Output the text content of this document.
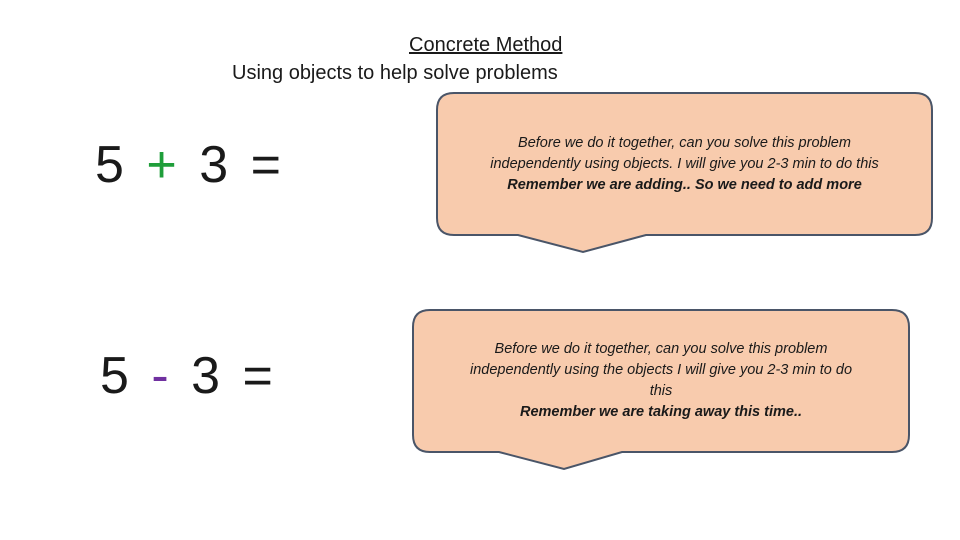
Concrete Method
Using objects to help solve problems
5 + 3 =
5 - 3 =
Before we do it together, can you solve this problem
independently using objects. I will give you 2-3 min to do this
Remember we are adding.. So we need to add more
Before we do it together, can you solve this problem
independently using the objects I will give you 2-3 min to do
this
Remember we are taking away this time..
